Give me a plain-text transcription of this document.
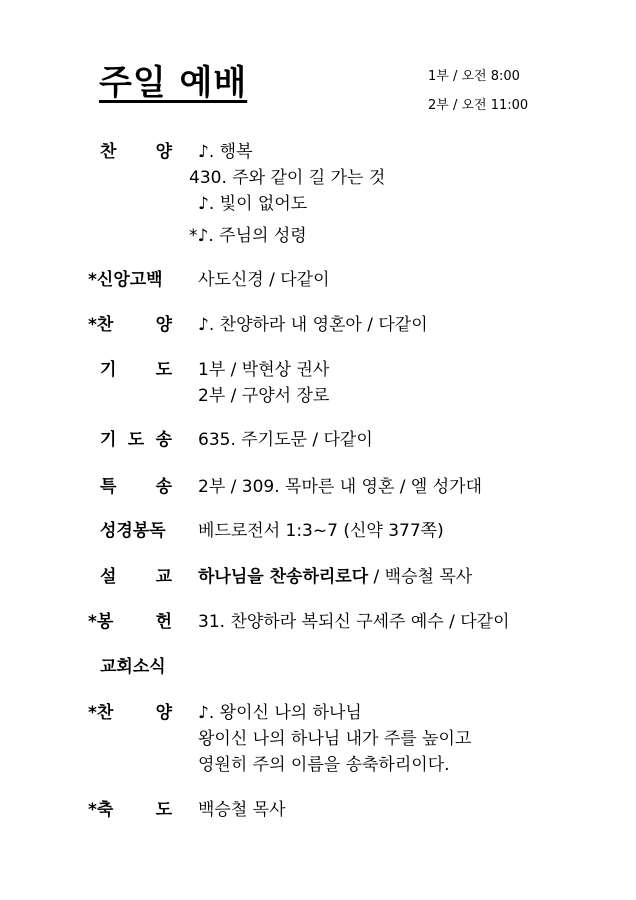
주일 예배	1부 / 오전 8:00
2부 / 오전 11:00
찬 양 ♪. 행복
430. 주와 같이 길 가는 것
♪. 빛이 없어도
*♪. 주님의 성령
* 신앙고백 사도신경 / 다같이
*찬 양 ♪. 찬양하라 내 영혼아 / 다같이
기 도 1부 / 박현상 권사
2부 / 구양서 장로
기 도 송 635. 주기도문 / 다같이
특 송 2부 / 309. 목마른 내 영혼 / 엘 성가대
성경봉독 베드로전서 1:3~7 (신약 377쪽)
설 교 하나님을 찬송하리로다 / 백승철 목사
*봉 헌 31. 찬양하라 복되신 구세주 예수 / 다같이
교회소식
*찬 양 ♪. 왕이신 나의 하나님
왕이신 나의 하나님 내가 주를 높이고
영원히 주의 이름을 송축하리이다.
*축 도 백승철 목사
